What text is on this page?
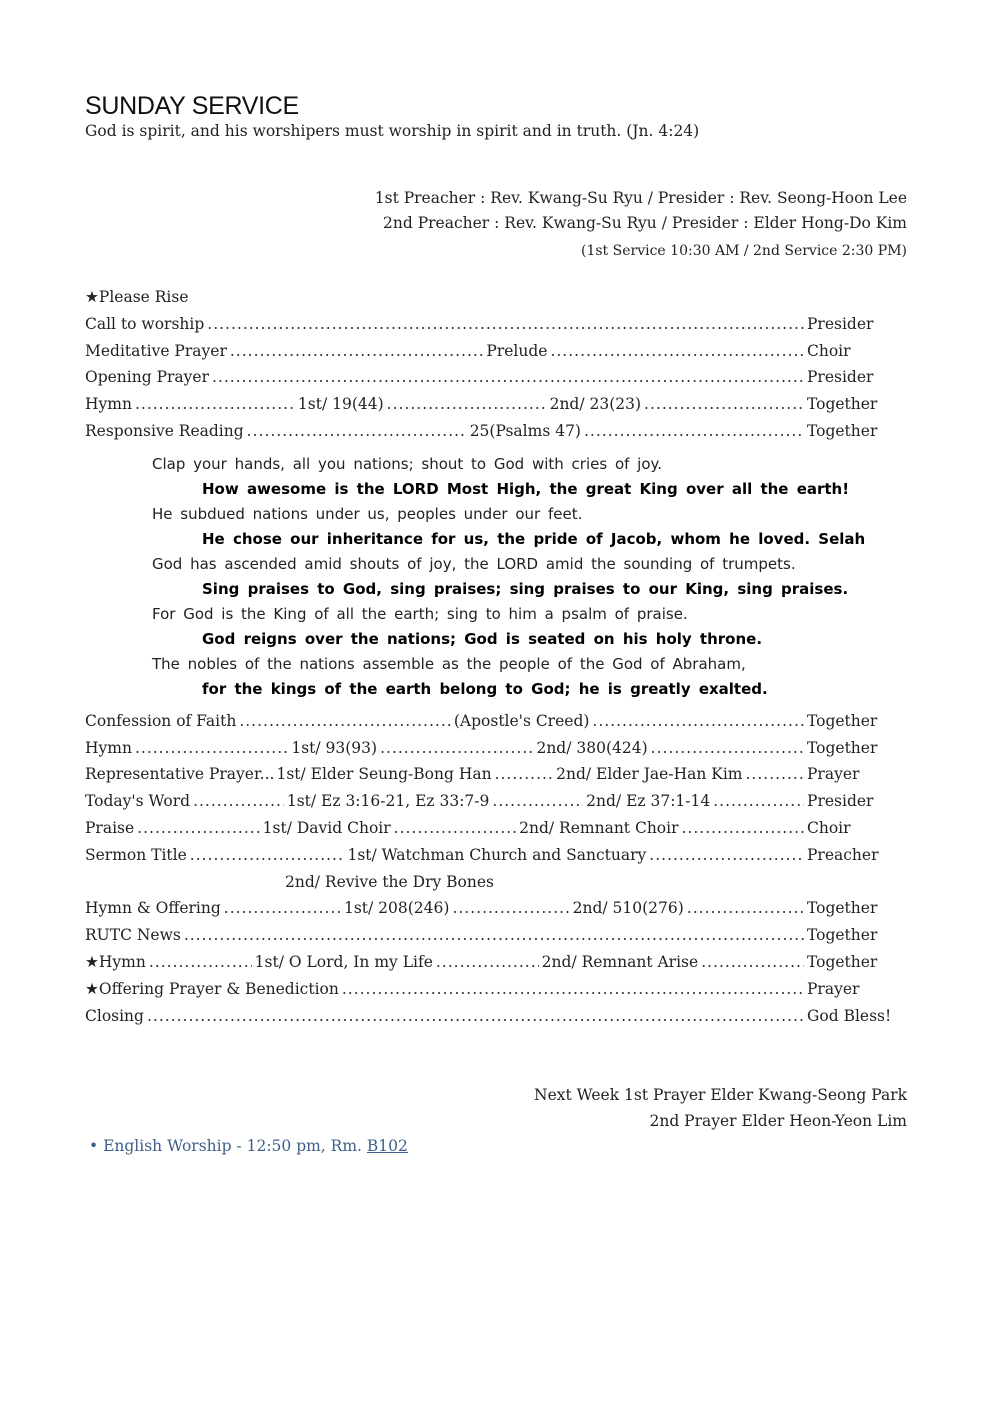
SUNDAY SERVICE
God is spirit, and his worshipers must worship in spirit and in truth. (Jn. 4:24)
1st Preacher : Rev. Kwang-Su Ryu / Presider : Rev. Seong-Hoon Lee
2nd Preacher : Rev. Kwang-Su Ryu / Presider : Elder Hong-Do Kim
(1st Service 10:30 AM / 2nd Service 2:30 PM)
★Please Rise
Call to worship .....	Presider
Meditative Prayer .....	Prelude .....	Choir
Opening Prayer .....	Presider
Hymn .....	1st/ 19(44) .....	2nd/ 23(23) .....	Together
Responsive Reading .....	25(Psalms 47) .....	Together
Clap your hands, all you nations; shout to God with cries of joy.
How awesome is the LORD Most High, the great King over all the earth!
He subdued nations under us, peoples under our feet.
He chose our inheritance for us, the pride of Jacob, whom he loved. Selah
God has ascended amid shouts of joy, the LORD amid the sounding of trumpets.
Sing praises to God, sing praises; sing praises to our King, sing praises.
For God is the King of all the earth; sing to him a psalm of praise.
God reigns over the nations; God is seated on his holy throne.
The nobles of the nations assemble as the people of the God of Abraham,
for the kings of the earth belong to God; he is greatly exalted.
Confession of Faith .....	(Apostle's Creed) .....	Together
Hymn .....	1st/ 93(93) .....	2nd/ 380(424) .....	Together
Representative Prayer... 1st/ Elder Seung-Bong Han .....	2nd/ Elder Jae-Han Kim .....	Prayer
Today's Word .....	1st/ Ez 3:16-21, Ez 33:7-9 .....	2nd/ Ez 37:1-14 .....	Presider
Praise .....	1st/ David Choir .....	2nd/ Remnant Choir .....	Choir
Sermon Title .....	1st/ Watchman Church and Sanctuary .....	Preacher
2nd/ Revive the Dry Bones
Hymn & Offering .....	1st/ 208(246) .....	2nd/ 510(276) .....	Together
RUTC News .....	Together
★Hymn .....	1st/ O Lord, In my Life .....	2nd/ Remnant Arise .....	Together
★Offering Prayer & Benediction .....	Prayer
Closing .....	God Bless!
Next Week 1st Prayer Elder Kwang-Seong Park
2nd Prayer Elder Heon-Yeon Lim
• English Worship - 12:50 pm, Rm. B102
